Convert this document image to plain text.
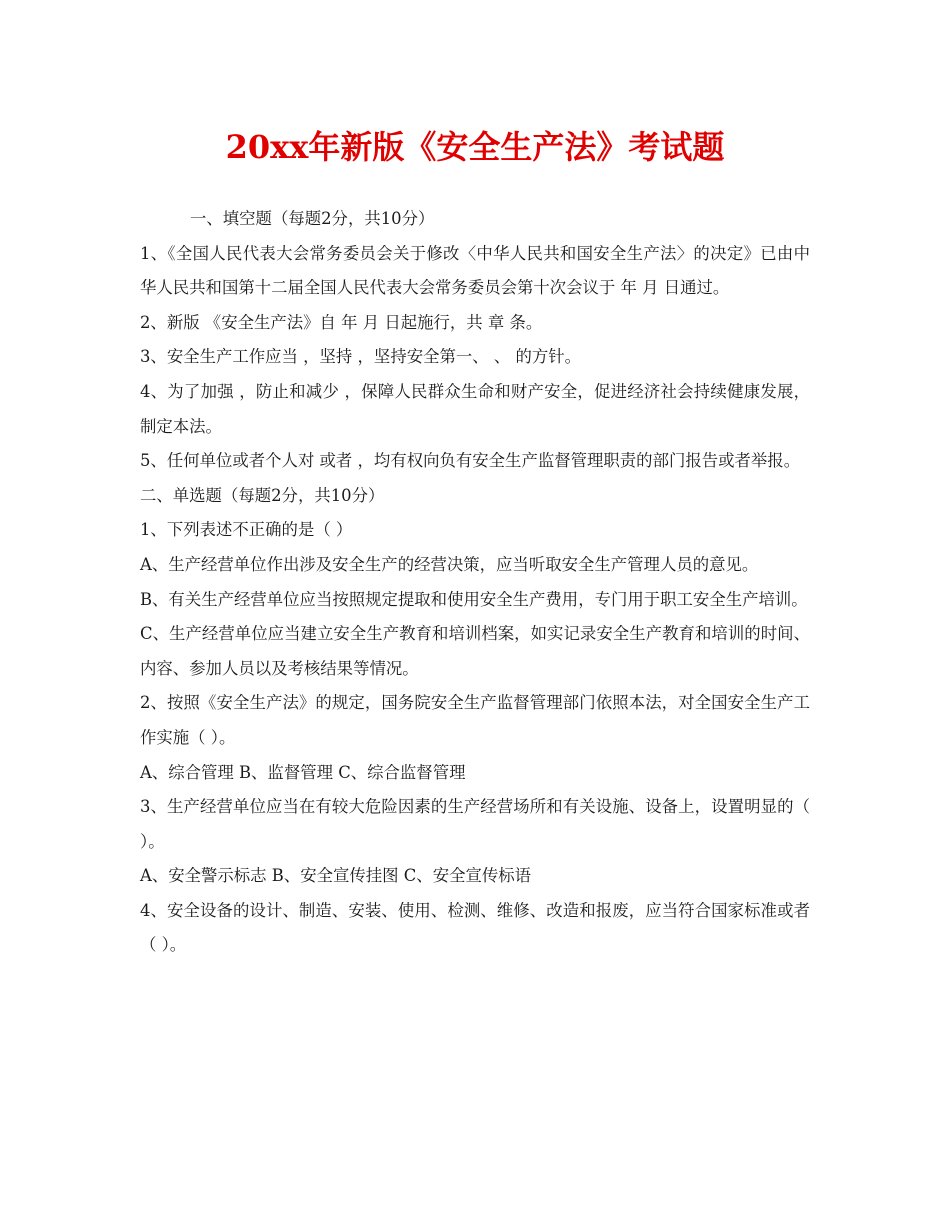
20xx年新版《安全生产法》考试题

一、填空题（每题2分，共10分）

1、《全国人民代表大会常务委员会关于修改〈中华人民共和国安全生产法〉的决定》已由中华人民共和国第十二届全国人民代表大会常务委员会第十次会议于 年 月 日通过。

2、新版 《安全生产法》自 年 月 日起施行，共 章 条。

3、安全生产工作应当 ，坚持 ，坚持安全第一、 、 的方针。

4、为了加强 ，防止和减少 ，保障人民群众生命和财产安全，促进经济社会持续健康发展，制定本法。

5、任何单位或者个人对 或者 ，均有权向负有安全生产监督管理职责的部门报告或者举报。

二、单选题（每题2分，共10分）

1、下列表述不正确的是（ ）

A、生产经营单位作出涉及安全生产的经营决策，应当听取安全生产管理人员的意见。

B、有关生产经营单位应当按照规定提取和使用安全生产费用，专门用于职工安全生产培训。

C、生产经营单位应当建立安全生产教育和培训档案，如实记录安全生产教育和培训的时间、内容、参加人员以及考核结果等情况。

2、按照《安全生产法》的规定，国务院安全生产监督管理部门依照本法，对全国安全生产工作实施（ ）。

A、综合管理 B、监督管理 C、综合监督管理

3、生产经营单位应当在有较大危险因素的生产经营场所和有关设施、设备上，设置明显的（ ）。

A、安全警示标志 B、安全宣传挂图 C、安全宣传标语

4、安全设备的设计、制造、安装、使用、检测、维修、改造和报废，应当符合国家标准或者（ ）。
